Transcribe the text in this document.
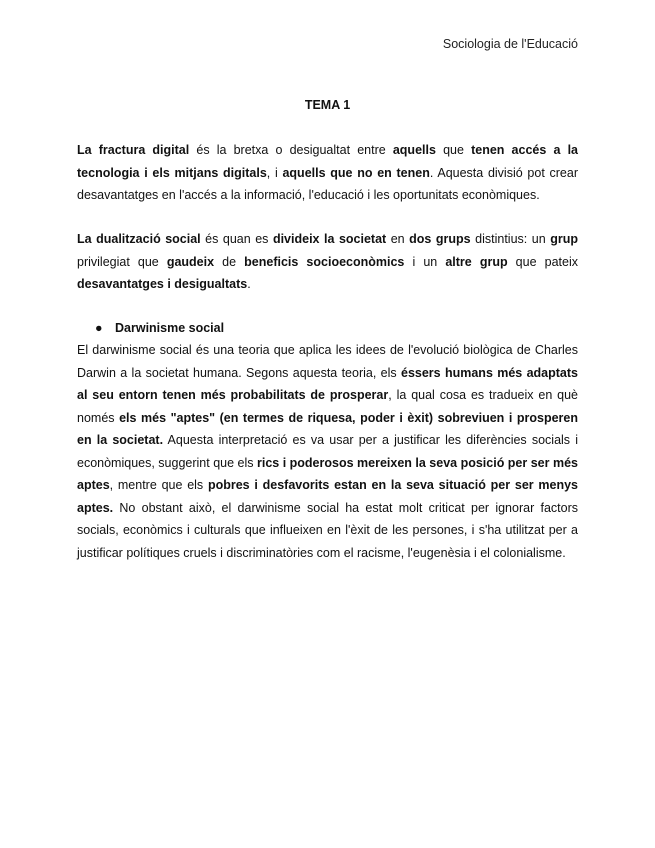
Sociologia de l'Educació
TEMA 1
La fractura digital és la bretxa o desigualtat entre aquells que tenen accés a la tecnologia i els mitjans digitals, i aquells que no en tenen. Aquesta divisió pot crear desavantatges en l'accés a la informació, l'educació i les oportunitats econòmiques.
La dualització social és quan es divideix la societat en dos grups distintius: un grup privilegiat que gaudeix de beneficis socioeconòmics i un altre grup que pateix desavantatges i desigualtats.
● Darwinisme social
El darwinisme social és una teoria que aplica les idees de l'evolució biològica de Charles Darwin a la societat humana. Segons aquesta teoria, els éssers humans més adaptats al seu entorn tenen més probabilitats de prosperar, la qual cosa es tradueix en què només els més "aptes" (en termes de riquesa, poder i èxit) sobreviuen i prosperen en la societat. Aquesta interpretació es va usar per a justificar les diferències socials i econòmiques, suggerint que els rics i poderosos mereixen la seva posició per ser més aptes, mentre que els pobres i desfavorits estan en la seva situació per ser menys aptes. No obstant això, el darwinisme social ha estat molt criticat per ignorar factors socials, econòmics i culturals que influeixen en l'èxit de les persones, i s'ha utilitzat per a justificar polítiques cruels i discriminatòries com el racisme, l'eugenèsia i el colonialisme.
